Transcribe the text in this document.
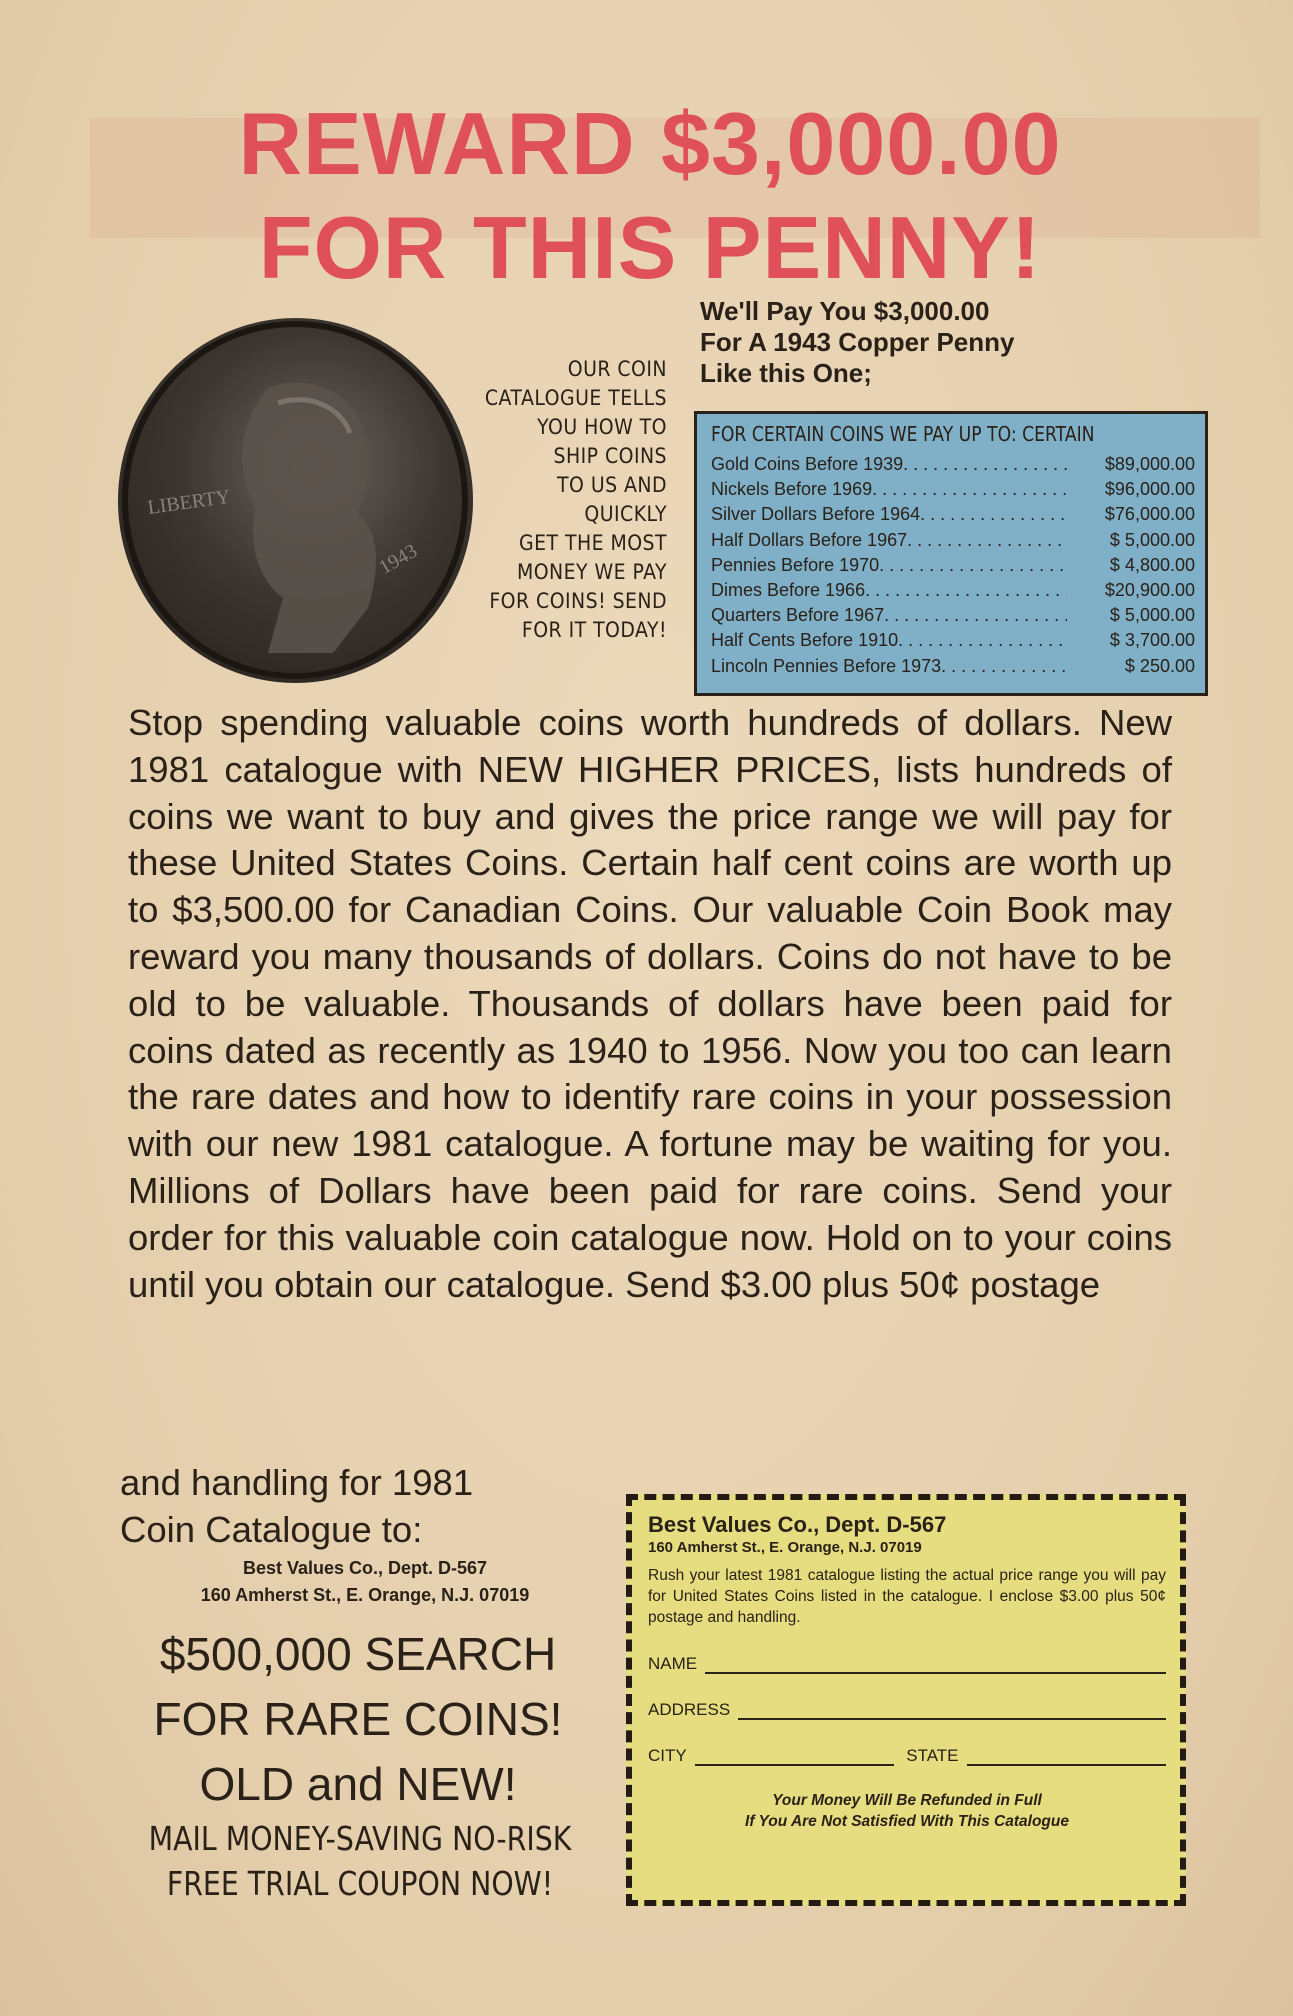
REWARD $3,000.00
FOR THIS PENNY!
LIBERTY
1943
OUR COIN
CATALOGUE TELLS
YOU HOW TO
SHIP COINS
TO US AND
QUICKLY
GET THE MOST
MONEY WE PAY
FOR COINS! SEND
FOR IT TODAY!
We'll Pay You $3,000.00
For A 1943 Copper Penny
Like this One;
FOR CERTAIN COINS WE PAY UP TO: CERTAIN
Gold Coins Before 1939 . . .	$89,000.00
Nickels Before 1969 . . .	$96,000.00
Silver Dollars Before 1964 . . .	$76,000.00
Half Dollars Before 1967 . . .	$ 5,000.00
Pennies Before 1970 . . .	$ 4,800.00
Dimes Before 1966 . . .	$20,900.00
Quarters Before 1967 . . .	$ 5,000.00
Half Cents Before 1910 . . .	$ 3,700.00
Lincoln Pennies Before 1973 . . .	$ 250.00
Stop spending valuable coins worth hundreds of dollars. New 1981 catalogue with NEW HIGHER PRICES, lists hundreds of coins we want to buy and gives the price range we will pay for these United States Coins. Certain half cent coins are worth up to $3,500.00 for Canadian Coins. Our valuable Coin Book may reward you many thousands of dollars. Coins do not have to be old to be valuable. Thousands of dollars have been paid for coins dated as recently as 1940 to 1956. Now you too can learn the rare dates and how to identify rare coins in your possession with our new 1981 catalogue. A fortune may be waiting for you. Millions of Dollars have been paid for rare coins. Send your order for this valuable coin catalogue now. Hold on to your coins until you obtain our catalogue. Send $3.00 plus 50¢ postage
and handling for 1981
Coin Catalogue to:
Best Values Co., Dept. D-567
160 Amherst St., E. Orange, N.J. 07019
$500,000 SEARCH
FOR RARE COINS!
OLD and NEW!
MAIL MONEY-SAVING NO-RISK
FREE TRIAL COUPON NOW!
Best Values Co., Dept. D-567
160 Amherst St., E. Orange, N.J. 07019
Rush your latest 1981 catalogue listing the actual price range you will pay for United States Coins listed in the catalogue. I enclose $3.00 plus 50¢ postage and handling.
NAME
ADDRESS
CITY	STATE
Your Money Will Be Refunded in Full
If You Are Not Satisfied With This Catalogue
